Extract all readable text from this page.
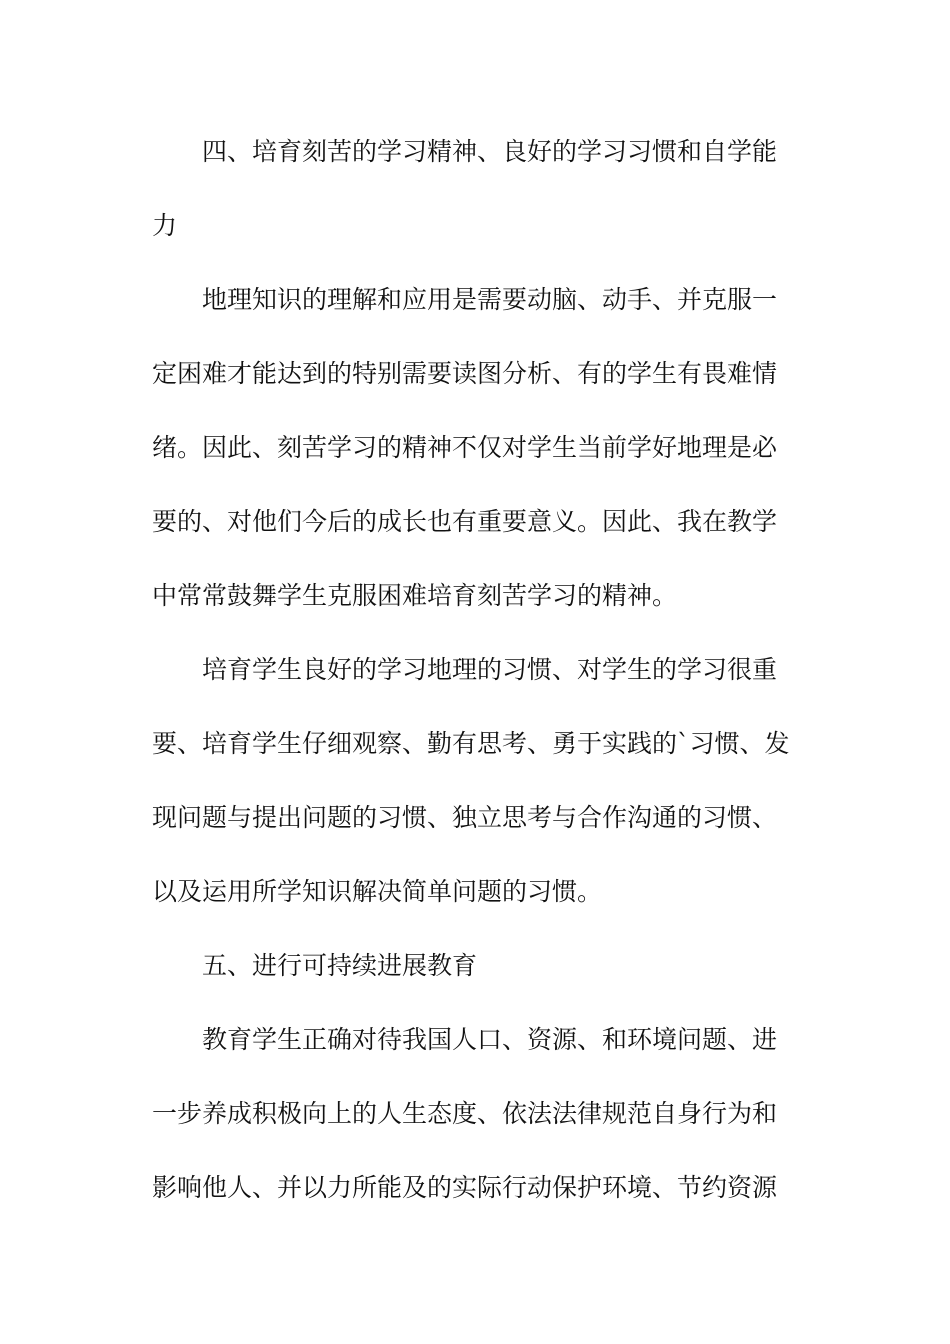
四、培育刻苦的学习精神、良好的学习习惯和自学能
力
地理知识的理解和应用是需要动脑、动手、并克服一
定困难才能达到的特别需要读图分析、有的学生有畏难情
绪。因此、刻苦学习的精神不仅对学生当前学好地理是必
要的、对他们今后的成长也有重要意义。因此、我在教学
中常常鼓舞学生克服困难培育刻苦学习的精神。
培育学生良好的学习地理的习惯、对学生的学习很重
要、培育学生仔细观察、勤有思考、勇于实践的`习惯、发
现问题与提出问题的习惯、独立思考与合作沟通的习惯、
以及运用所学知识解决简单问题的习惯。
五、进行可持续进展教育
教育学生正确对待我国人口、资源、和环境问题、进
一步养成积极向上的人生态度、依法法律规范自身行为和
影响他人、并以力所能及的实际行动保护环境、节约资源
